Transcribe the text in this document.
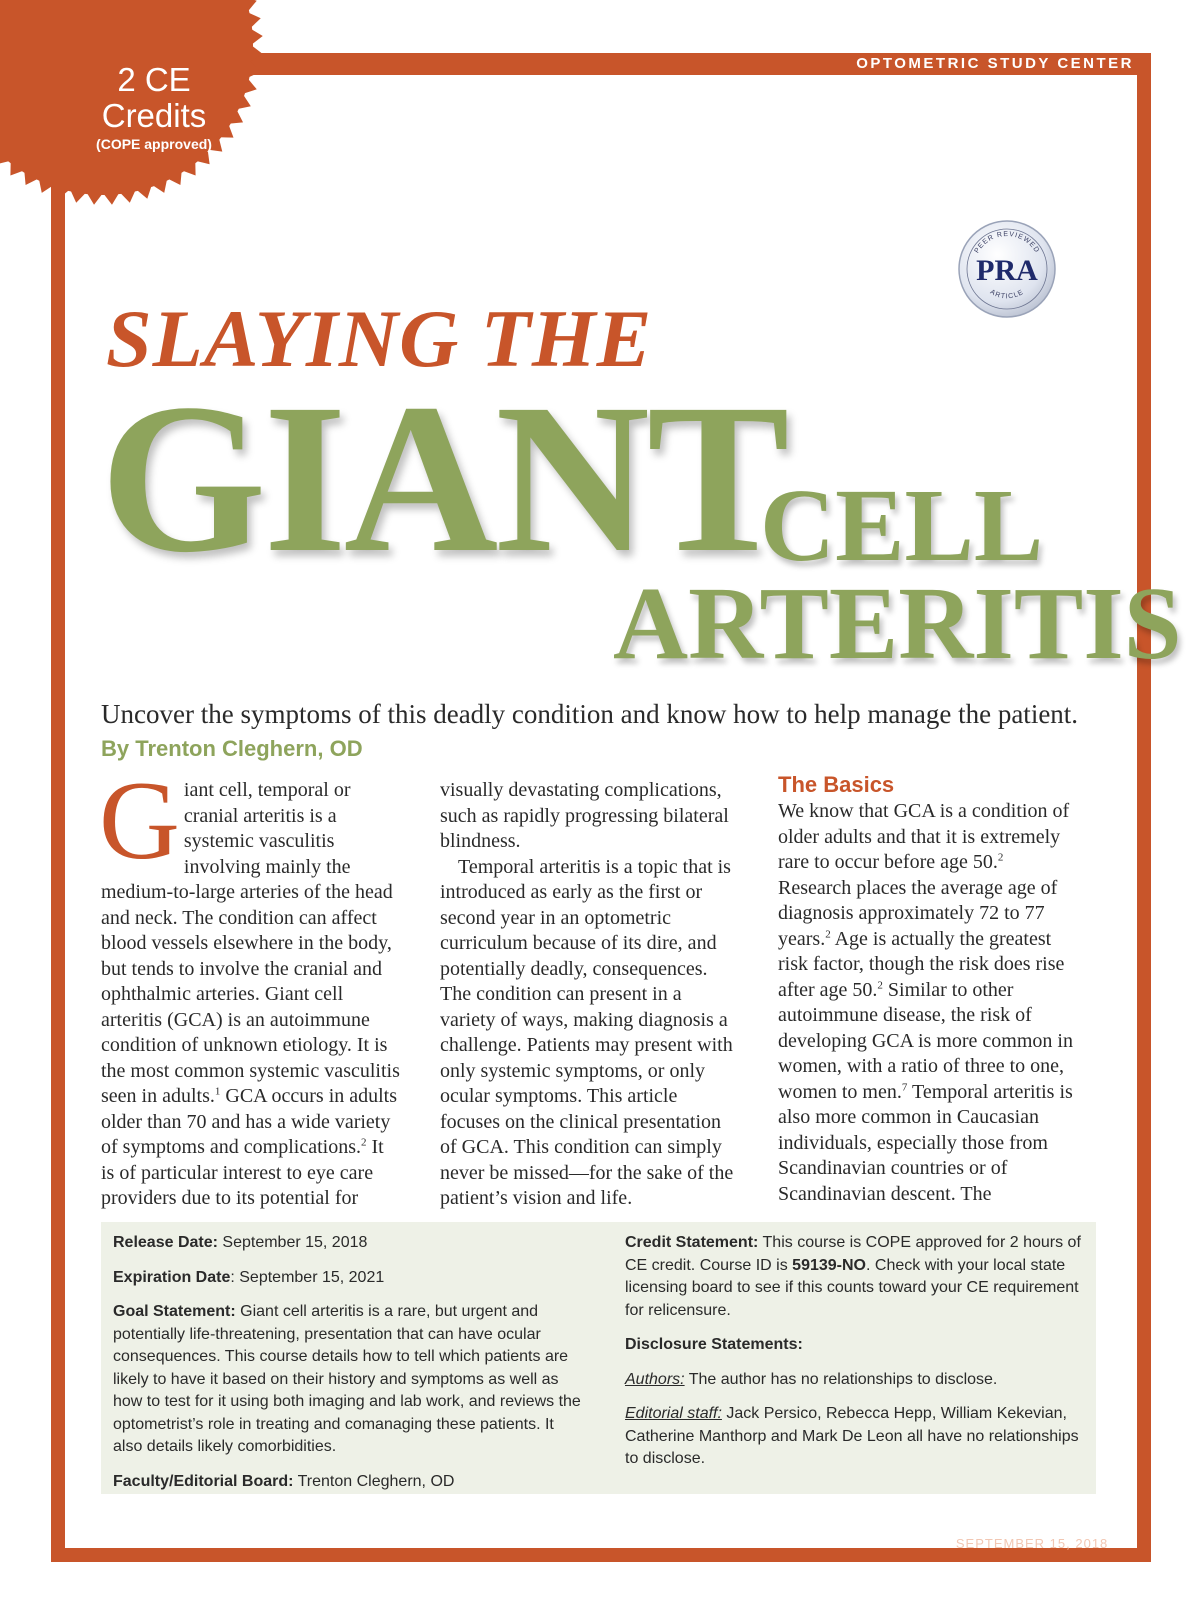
OPTOMETRIC STUDY CENTER
2 CE
Credits
(COPE approved)
PEER REVIEWED
ARTICLE
PRA
SLAYING THE
GIANT
CELL
ARTERITIS
Uncover the symptoms of this deadly condition and know how to help manage the patient. By Trenton Cleghern, OD

Giant cell, temporal or cranial arteritis is a systemic vasculitis involving mainly the medium-to-large arteries of the head and neck. The condition can affect blood vessels elsewhere in the body, but tends to involve the cranial and ophthalmic arteries. Giant cell arteritis (GCA) is an autoimmune condition of unknown etiology. It is the most common systemic vasculitis seen in adults.$^1$ GCA occurs in adults older than 70 and has a wide variety of symptoms and complications.$^2$ It is of particular interest to eye care providers due to its potential for

visually devastating complications, such as rapidly progressing bilateral blindness.

Temporal arteritis is a topic that is introduced as early as the first or second year in an optometric curriculum because of its dire, and potentially deadly, consequences. The condition can present in a variety of ways, making diagnosis a challenge. Patients may present with only systemic symptoms, or only ocular symptoms. This article focuses on the clinical presentation of GCA. This condition can simply never be missed—for the sake of the patient’s vision and life.

The Basics

We know that GCA is a condition of older adults and that it is extremely rare to occur before age 50.$^2$ Research places the average age of diagnosis approximately 72 to 77 years.$^2$ Age is actually the greatest risk factor, though the risk does rise after age 50.$^2$ Similar to other autoimmune disease, the risk of developing GCA is more common in women, with a ratio of three to one, women to men.$^7$ Temporal arteritis is also more common in Caucasian individuals, especially those from Scandinavian countries or of Scandinavian descent. The

Release Date: September 15, 2018

Expiration Date: September 15, 2021

Goal Statement: Giant cell arteritis is a rare, but urgent and potentially life-threatening, presentation that can have ocular consequences. This course details how to tell which patients are likely to have it based on their history and symptoms as well as how to test for it using both imaging and lab work, and reviews the optometrist’s role in treating and comanaging these patients. It also details likely comorbidities.

Faculty/Editorial Board: Trenton Cleghern, OD

Credit Statement: This course is COPE approved for 2 hours of CE credit. Course ID is 59139-NO. Check with your local state licensing board to see if this counts toward your CE requirement for relicensure.

Disclosure Statements:

Authors: The author has no relationships to disclose.

Editorial staff: Jack Persico, Rebecca Hepp, William Kekevian, Catherine Manthorp and Mark De Leon all have no relationships to disclose.

REVIEW OF OPTOMETRY SEPTEMBER 15, 2018 91
